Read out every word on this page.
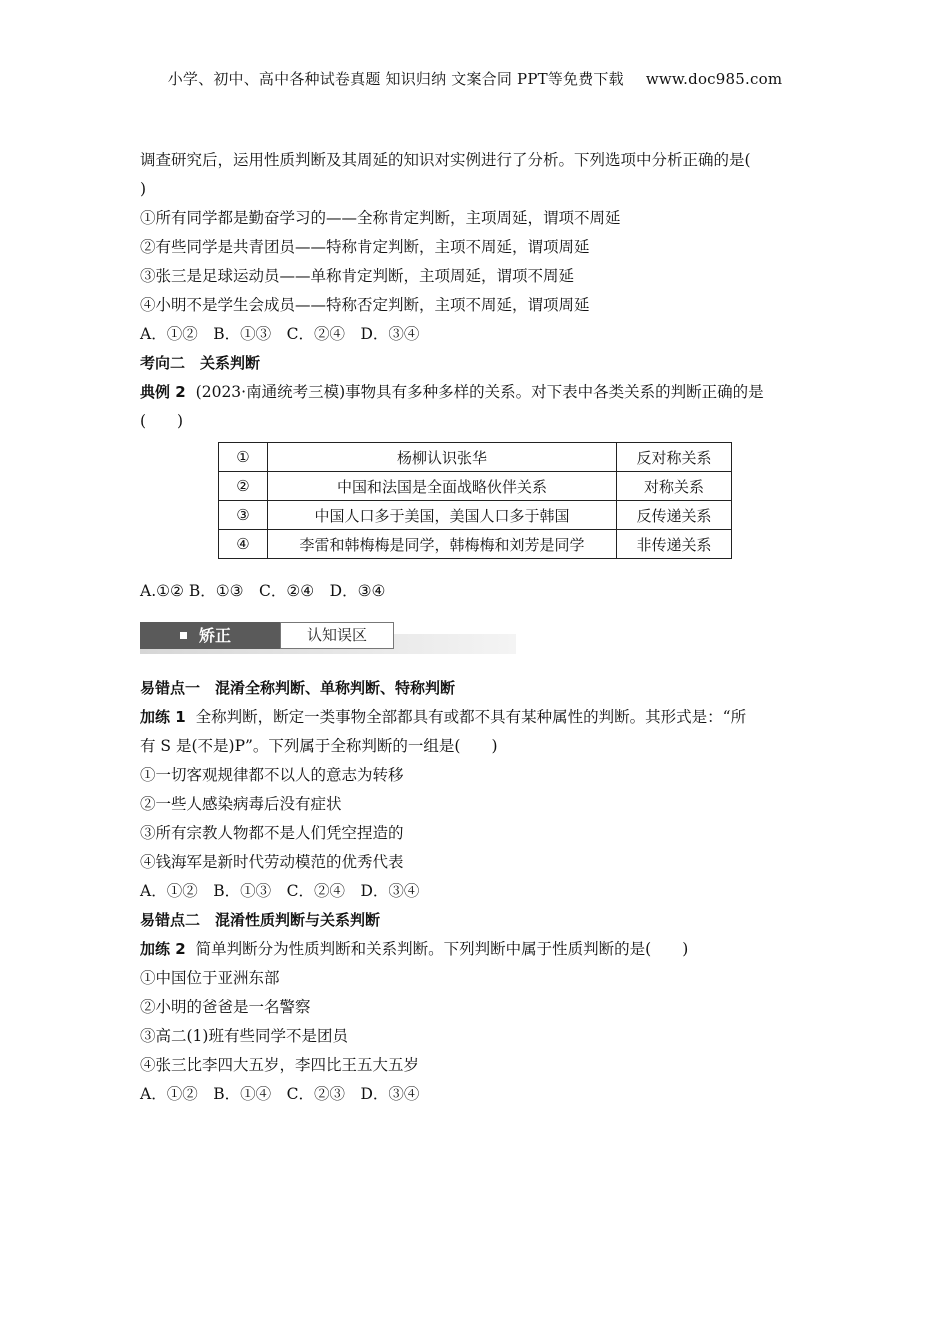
小学、初中、高中各种试卷真题 知识归纳 文案合同 PPT等免费下载 www.doc985.com
调查研究后，运用性质判断及其周延的知识对实例进行了分析。下列选项中分析正确的是(
)
①所有同学都是勤奋学习的——全称肯定判断，主项周延，谓项不周延
②有些同学是共青团员——特称肯定判断，主项不周延，谓项周延
③张三是足球运动员——单称肯定判断，主项周延，谓项不周延
④小明不是学生会成员——特称否定判断，主项不周延，谓项周延
A．①②　B．①③　C．②④　D．③④
考向二　关系判断
典例 2 (2023·南通统考三模)事物具有多种多样的关系。对下表中各类关系的判断正确的是
(　　)
①	杨柳认识张华	反对称关系
②	中国和法国是全面战略伙伴关系	对称关系
③	中国人口多于美国，美国人口多于韩国	反传递关系
④	李雷和韩梅梅是同学，韩梅梅和刘芳是同学	非传递关系
A.①② B．①③　C．②④　D．③④
矫正	认知误区
易错点一　混淆全称判断、单称判断、特称判断
加练 1 全称判断，断定一类事物全部都具有或都不具有某种属性的判断。其形式是：“所
有 S 是(不是)P”。下列属于全称判断的一组是(　　)
①一切客观规律都不以人的意志为转移
②一些人感染病毒后没有症状
③所有宗教人物都不是人们凭空捏造的
④钱海军是新时代劳动模范的优秀代表
A．①②　B．①③　C．②④　D．③④
易错点二　混淆性质判断与关系判断
加练 2 简单判断分为性质判断和关系判断。下列判断中属于性质判断的是(　　)
①中国位于亚洲东部
②小明的爸爸是一名警察
③高二(1)班有些同学不是团员
④张三比李四大五岁，李四比王五大五岁
A．①②　B．①④　C．②③　D．③④
